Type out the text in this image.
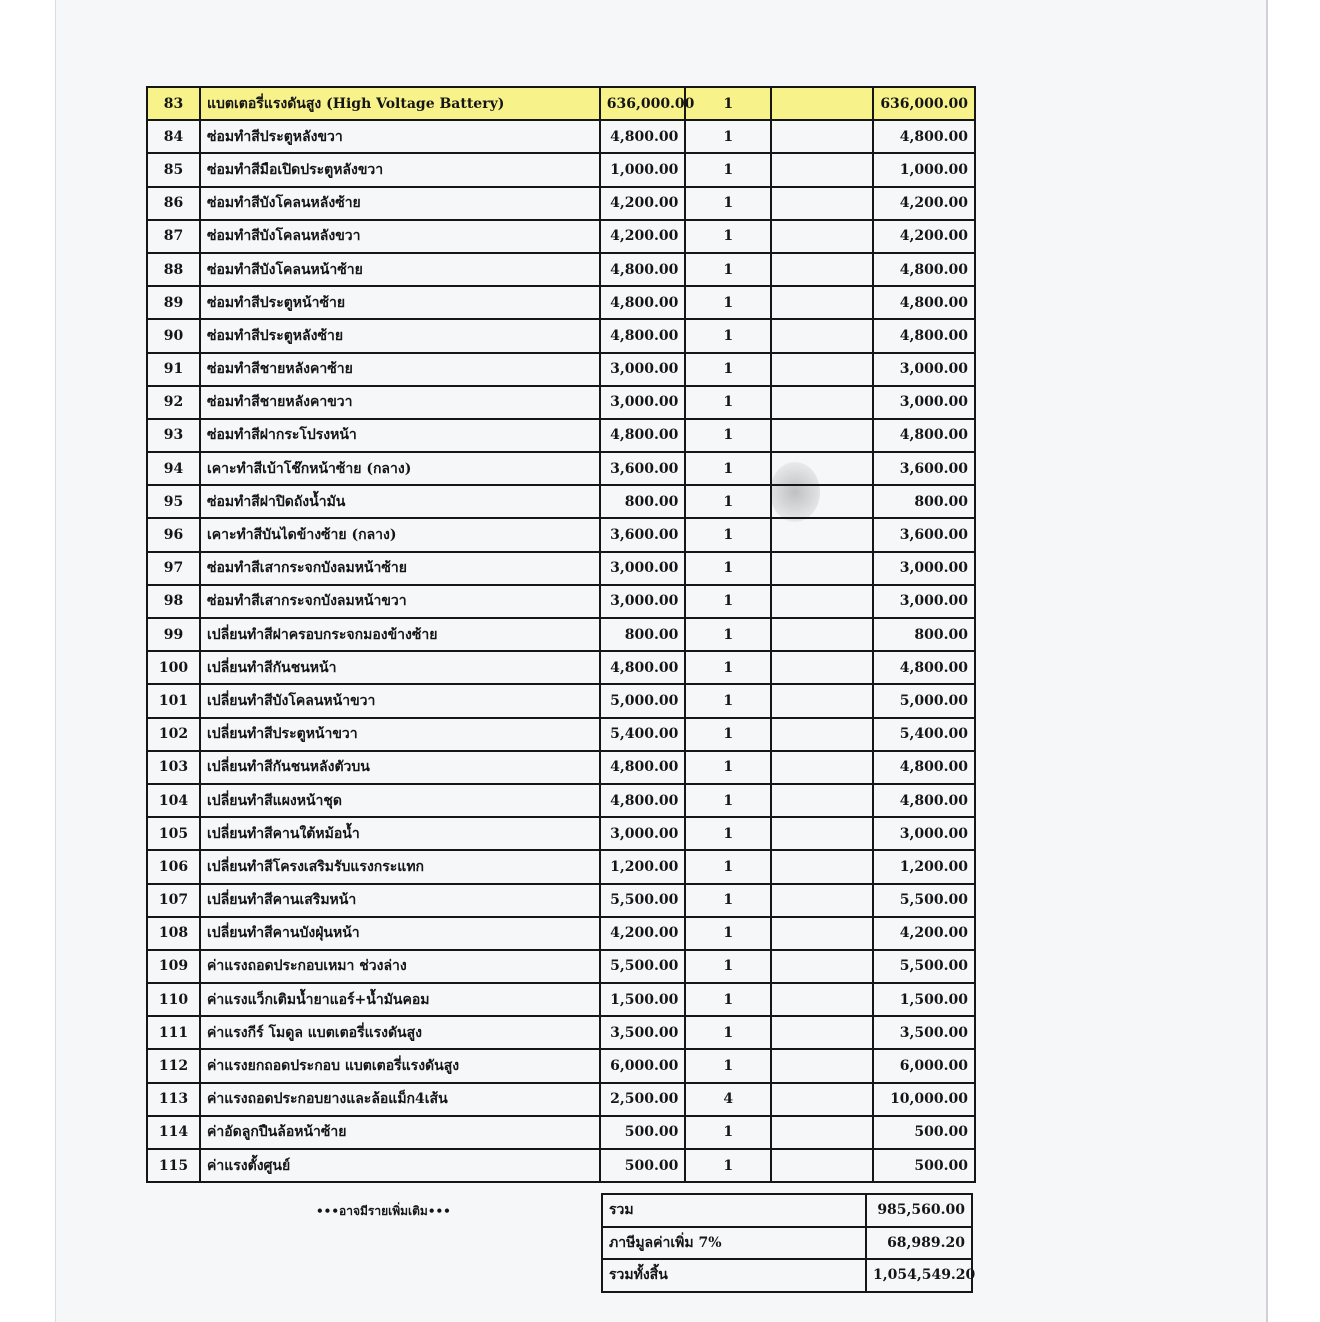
83	แบตเตอรี่แรงดันสูง (High Voltage Battery)	636,000.00	1		636,000.00
84	ซ่อมทำสีประตูหลังขวา	4,800.00	1		4,800.00
85	ซ่อมทำสีมือเปิดประตูหลังขวา	1,000.00	1		1,000.00
86	ซ่อมทำสีบังโคลนหลังซ้าย	4,200.00	1		4,200.00
87	ซ่อมทำสีบังโคลนหลังขวา	4,200.00	1		4,200.00
88	ซ่อมทำสีบังโคลนหน้าซ้าย	4,800.00	1		4,800.00
89	ซ่อมทำสีประตูหน้าซ้าย	4,800.00	1		4,800.00
90	ซ่อมทำสีประตูหลังซ้าย	4,800.00	1		4,800.00
91	ซ่อมทำสีชายหลังคาซ้าย	3,000.00	1		3,000.00
92	ซ่อมทำสีชายหลังคาขวา	3,000.00	1		3,000.00
93	ซ่อมทำสีฝากระโปรงหน้า	4,800.00	1		4,800.00
94	เคาะทำสีเบ้าโช๊กหน้าซ้าย (กลาง)	3,600.00	1		3,600.00
95	ซ่อมทำสีฝาปิดถังน้ำมัน	800.00	1		800.00
96	เคาะทำสีบันไดข้างซ้าย (กลาง)	3,600.00	1		3,600.00
97	ซ่อมทำสีเสากระจกบังลมหน้าซ้าย	3,000.00	1		3,000.00
98	ซ่อมทำสีเสากระจกบังลมหน้าขวา	3,000.00	1		3,000.00
99	เปลี่ยนทำสีฝาครอบกระจกมองข้างซ้าย	800.00	1		800.00
100	เปลี่ยนทำสีกันชนหน้า	4,800.00	1		4,800.00
101	เปลี่ยนทำสีบังโคลนหน้าขวา	5,000.00	1		5,000.00
102	เปลี่ยนทำสีประตูหน้าขวา	5,400.00	1		5,400.00
103	เปลี่ยนทำสีกันชนหลังตัวบน	4,800.00	1		4,800.00
104	เปลี่ยนทำสีแผงหน้าชุด	4,800.00	1		4,800.00
105	เปลี่ยนทำสีคานใต้หม้อน้ำ	3,000.00	1		3,000.00
106	เปลี่ยนทำสีโครงเสริมรับแรงกระแทก	1,200.00	1		1,200.00
107	เปลี่ยนทำสีคานเสริมหน้า	5,500.00	1		5,500.00
108	เปลี่ยนทำสีคานบังฝุ่นหน้า	4,200.00	1		4,200.00
109	ค่าแรงถอดประกอบเหมา ช่วงล่าง	5,500.00	1		5,500.00
110	ค่าแรงแว็กเติมน้ำยาแอร์+น้ำมันคอม	1,500.00	1		1,500.00
111	ค่าแรงกีร์ โมดูล แบตเตอรี่แรงดันสูง	3,500.00	1		3,500.00
112	ค่าแรงยกถอดประกอบ แบตเตอรี่แรงดันสูง	6,000.00	1		6,000.00
113	ค่าแรงถอดประกอบยางและล้อแม็ก4เส้น	2,500.00	4		10,000.00
114	ค่าอัดลูกปืนล้อหน้าซ้าย	500.00	1		500.00
115	ค่าแรงตั้งศูนย์	500.00	1		500.00
•••อาจมีรายเพิ่มเติม•••	รวม	985,560.00
ภาษีมูลค่าเพิ่ม 7%	68,989.20
รวมทั้งสิ้น	1,054,549.20
